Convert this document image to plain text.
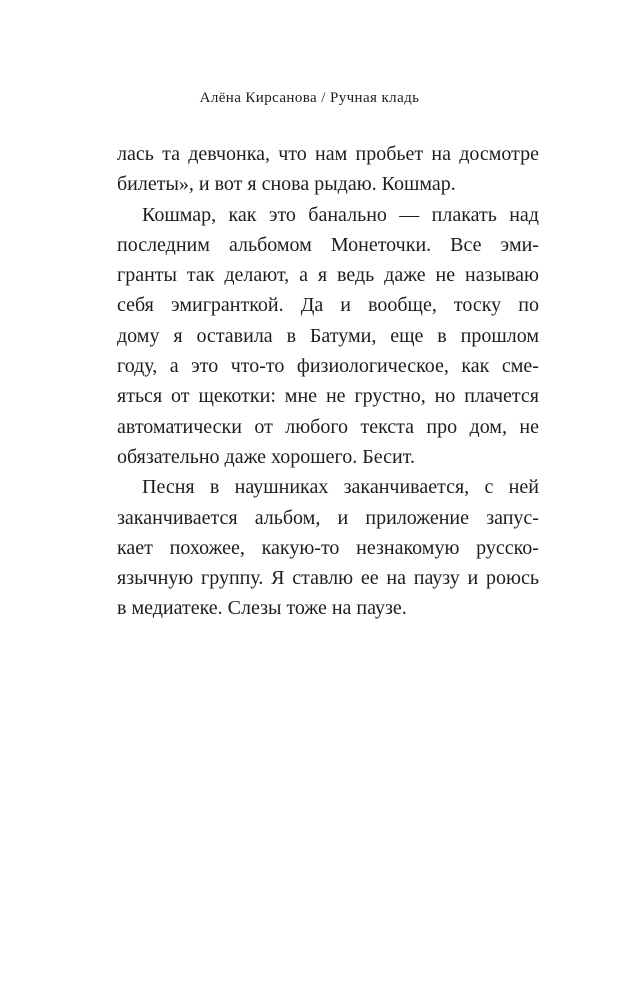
Алёна Кирсанова / Ручная кладь
лась та девчонка, что нам пробьет на досмотре
билеты», и вот я снова рыдаю. Кошмар.
Кошмар, как это банально — плакать над
последним альбомом Монеточки. Все эми-
гранты так делают, а я ведь даже не называю
себя эмигранткой. Да и вообще, тоску по
дому я оставила в Батуми, еще в прошлом
году, а это что-то физиологическое, как сме-
яться от щекотки: мне не грустно, но плачется
автоматически от любого текста про дом, не
обязательно даже хорошего. Бесит.
Песня в наушниках заканчивается, с ней
заканчивается альбом, и приложение запус-
кает похожее, какую-то незнакомую русско-
язычную группу. Я ставлю ее на паузу и роюсь
в медиатеке. Слезы тоже на паузе.
